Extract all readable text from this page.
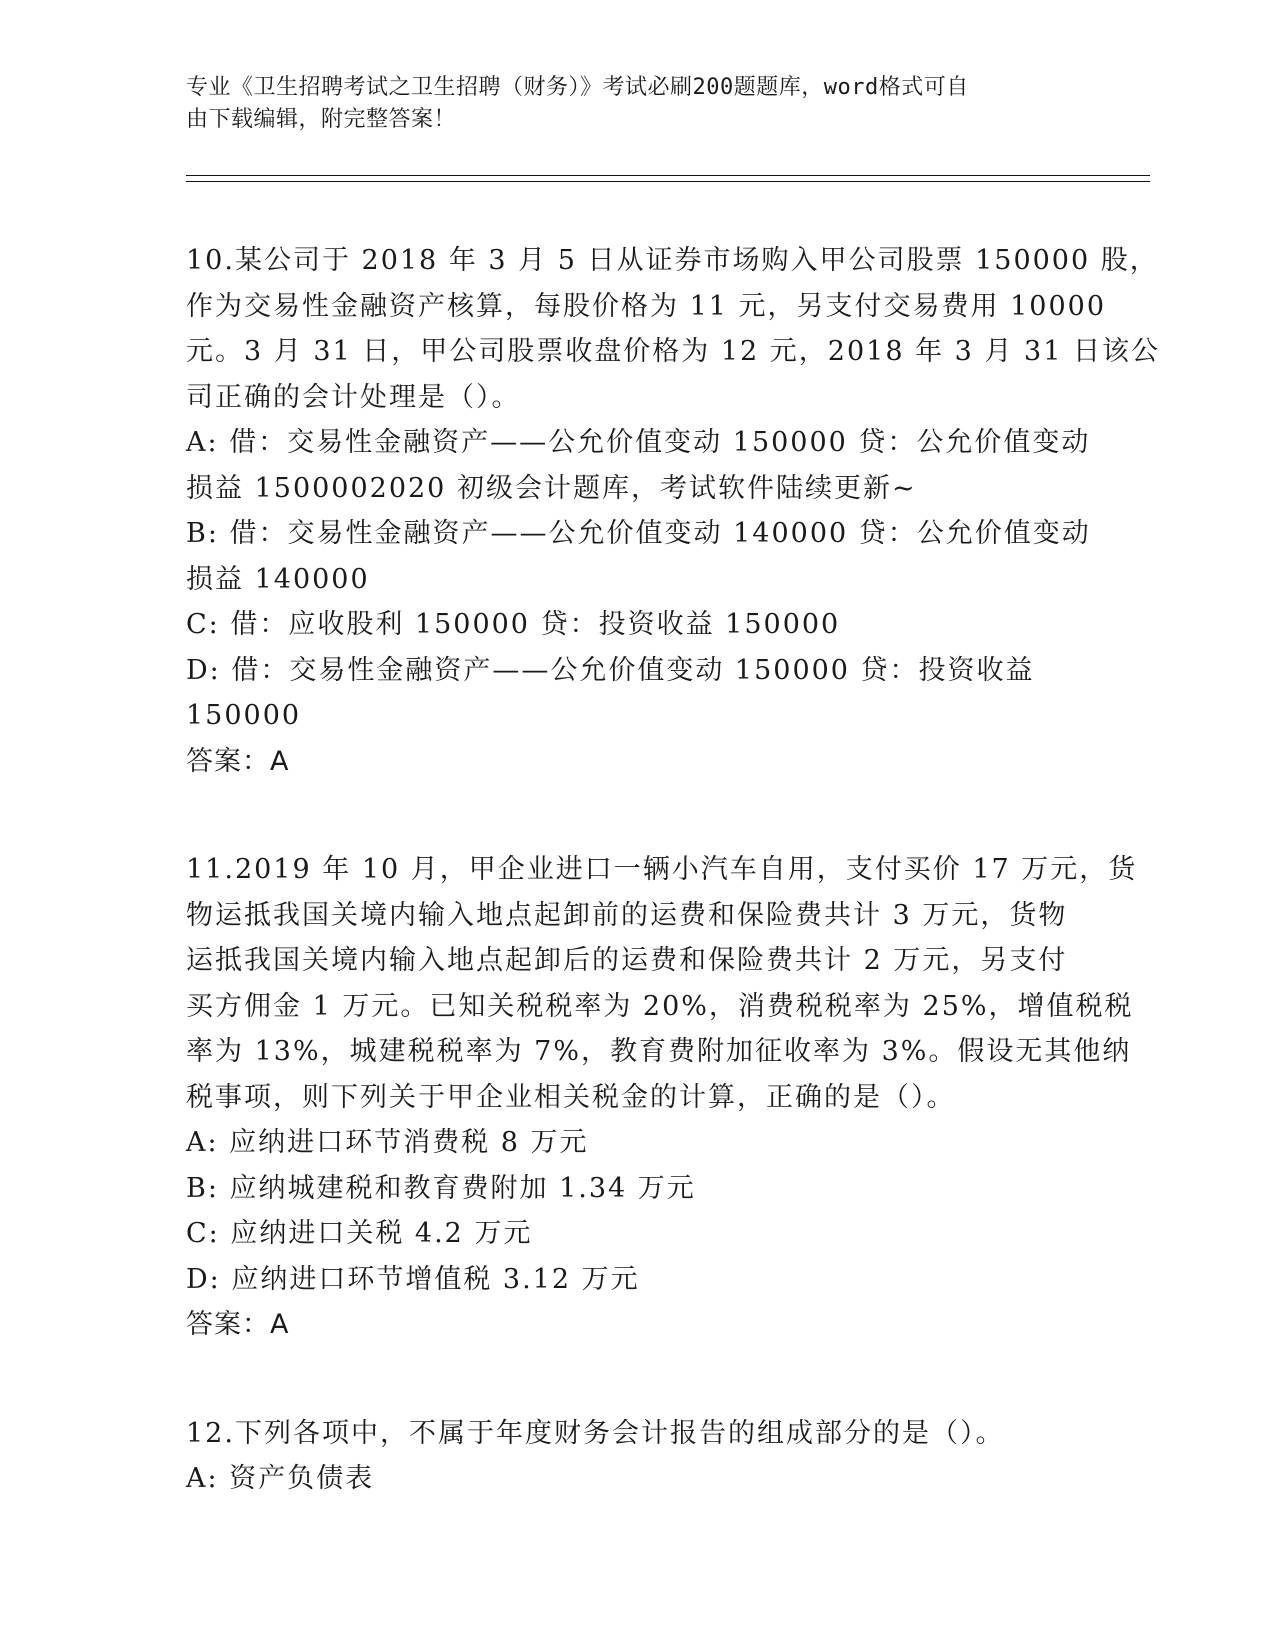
专业《卫生招聘考试之卫生招聘（财务）》考试必刷200题题库，word格式可自
由下载编辑，附完整答案！
10.某公司于 2018 年 3 月 5 日从证券市场购入甲公司股票 150000 股，
作为交易性金融资产核算，每股价格为 11 元，另支付交易费用 10000
元。3 月 31 日，甲公司股票收盘价格为 12 元，2018 年 3 月 31 日该公
司正确的会计处理是（）。
A: 借：交易性金融资产——公允价值变动 150000 贷：公允价值变动
损益 1500002020 初级会计题库，考试软件陆续更新~
B: 借：交易性金融资产——公允价值变动 140000 贷：公允价值变动
损益 140000
C: 借：应收股利 150000 贷：投资收益 150000
D: 借：交易性金融资产——公允价值变动 150000 贷：投资收益
150000
答案：A
11.2019 年 10 月，甲企业进口一辆小汽车自用，支付买价 17 万元，货
物运抵我国关境内输入地点起卸前的运费和保险费共计 3 万元，货物
运抵我国关境内输入地点起卸后的运费和保险费共计 2 万元，另支付
买方佣金 1 万元。已知关税税率为 20%，消费税税率为 25%，增值税税
率为 13%，城建税税率为 7%，教育费附加征收率为 3%。假设无其他纳
税事项，则下列关于甲企业相关税金的计算，正确的是（）。
A: 应纳进口环节消费税 8 万元
B: 应纳城建税和教育费附加 1.34 万元
C: 应纳进口关税 4.2 万元
D: 应纳进口环节增值税 3.12 万元
答案：A
12.下列各项中，不属于年度财务会计报告的组成部分的是（）。
A: 资产负债表
